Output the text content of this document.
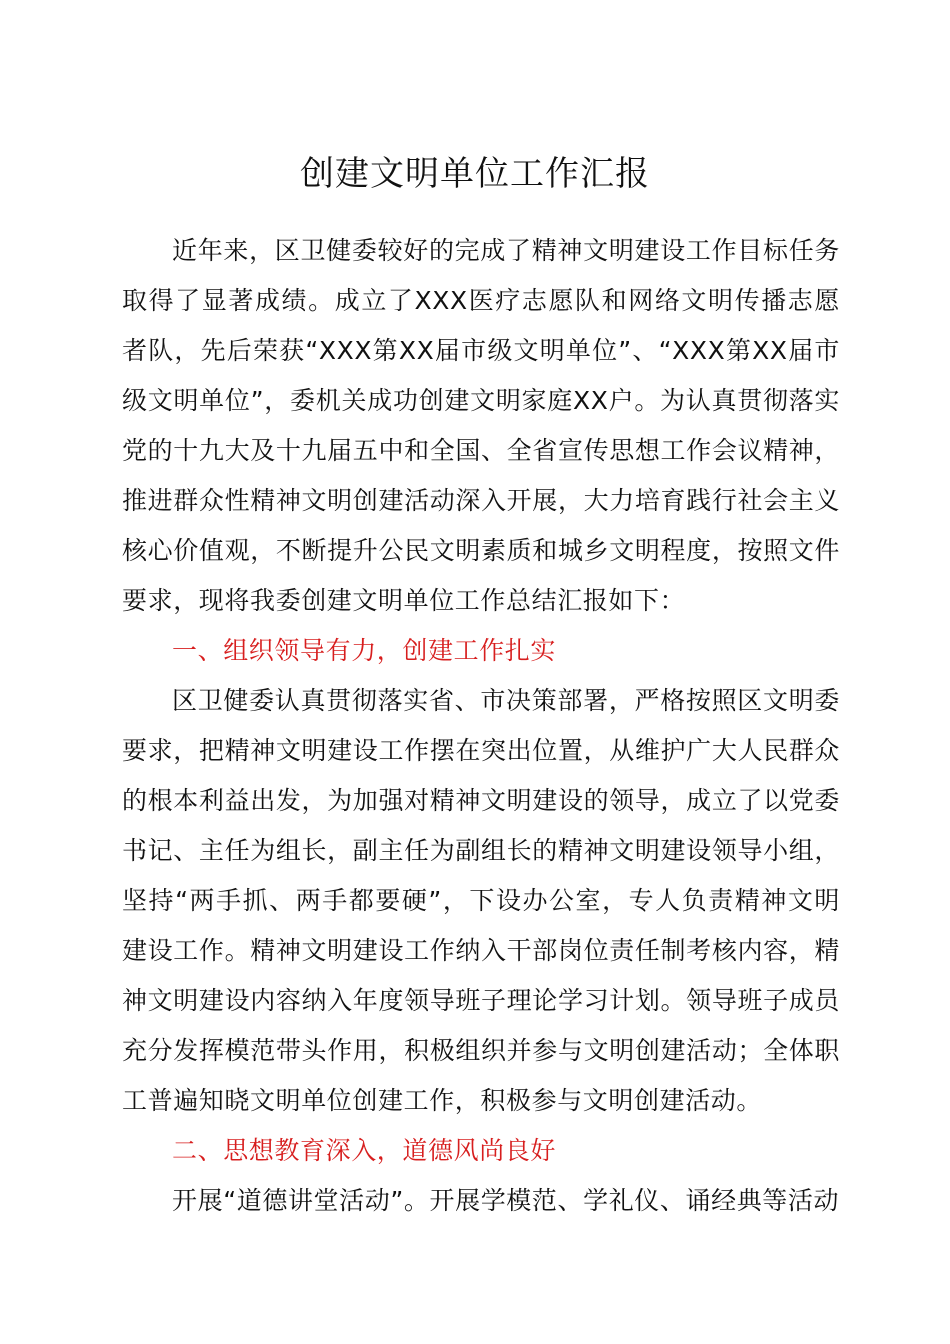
创建文明单位工作汇报

近年来，区卫健委较好的完成了精神文明建设工作目标任务取得了显著成绩。成立了XXX医疗志愿队和网络文明传播志愿者队，先后荣获“XXX第XX届市级文明单位”、“XXX第XX届市级文明单位”，委机关成功创建文明家庭XX户。为认真贯彻落实党的十九大及十九届五中和全国、全省宣传思想工作会议精神，推进群众性精神文明创建活动深入开展，大力培育践行社会主义核心价值观，不断提升公民文明素质和城乡文明程度，按照文件要求，现将我委创建文明单位工作总结汇报如下：

一、组织领导有力，创建工作扎实

区卫健委认真贯彻落实省、市决策部署，严格按照区文明委要求，把精神文明建设工作摆在突出位置，从维护广大人民群众的根本利益出发，为加强对精神文明建设的领导，成立了以党委书记、主任为组长，副主任为副组长的精神文明建设领导小组，坚持“两手抓、两手都要硬”，下设办公室，专人负责精神文明建设工作。精神文明建设工作纳入干部岗位责任制考核内容，精神文明建设内容纳入年度领导班子理论学习计划。领导班子成员充分发挥模范带头作用，积极组织并参与文明创建活动；全体职工普遍知晓文明单位创建工作，积极参与文明创建活动。

二、思想教育深入，道德风尚良好

开展“道德讲堂活动”。开展学模范、学礼仪、诵经典等活动
